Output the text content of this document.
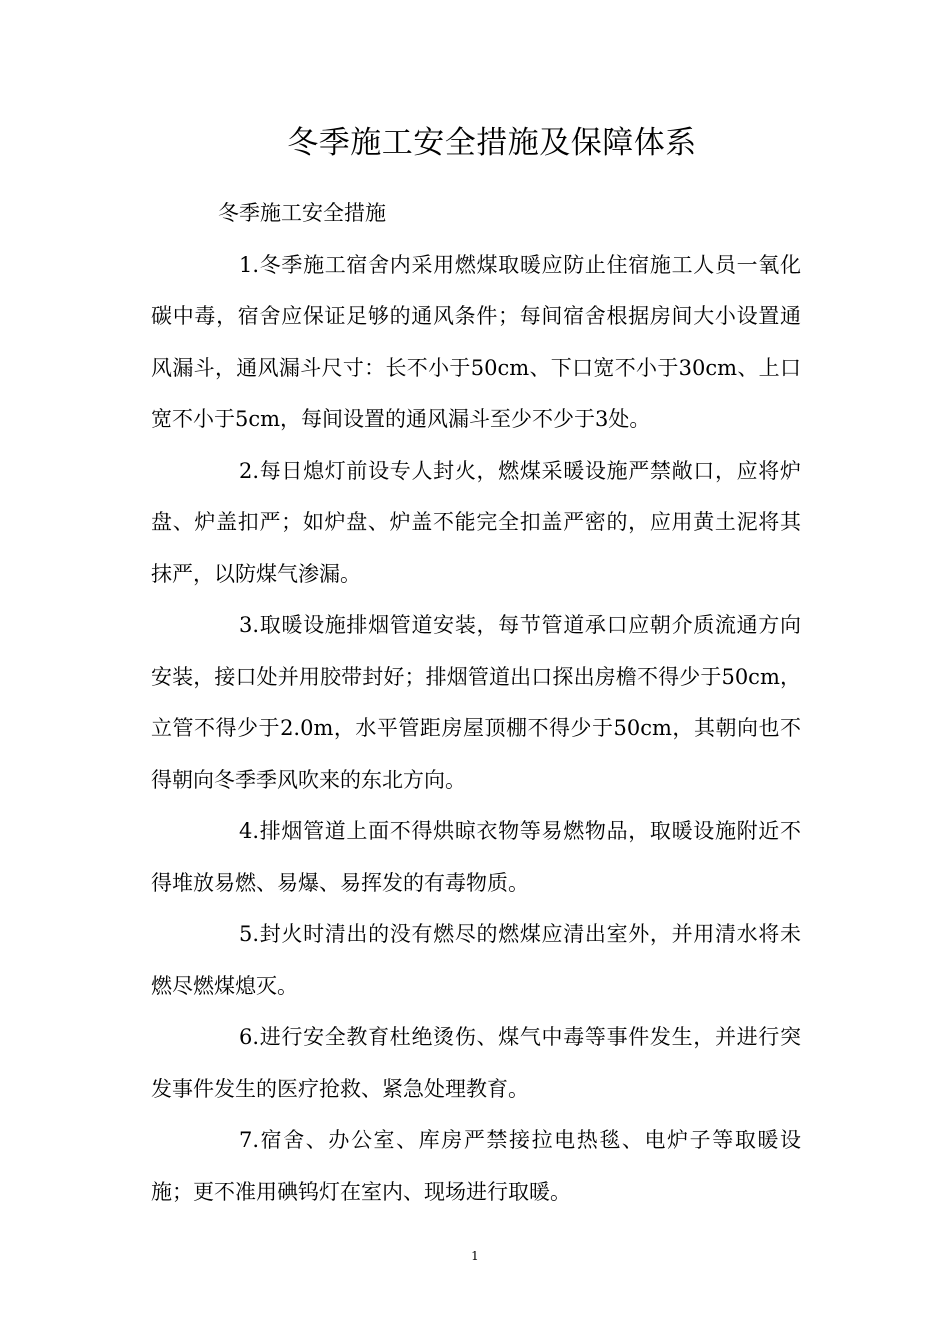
冬季施工安全措施及保障体系

冬季施工安全措施

1.冬季施工宿舍内采用燃煤取暖应防止住宿施工人员一氧化碳中毒，宿舍应保证足够的通风条件；每间宿舍根据房间大小设置通风漏斗，通风漏斗尺寸：长不小于50cm、下口宽不小于30cm、上口宽不小于5cm，每间设置的通风漏斗至少不少于3处。

2.每日熄灯前设专人封火，燃煤采暖设施严禁敞口，应将炉盘、炉盖扣严；如炉盘、炉盖不能完全扣盖严密的，应用黄土泥将其抹严，以防煤气渗漏。

3.取暖设施排烟管道安装，每节管道承口应朝介质流通方向安装，接口处并用胶带封好；排烟管道出口探出房檐不得少于50cm，立管不得少于2.0m，水平管距房屋顶棚不得少于50cm，其朝向也不得朝向冬季季风吹来的东北方向。

4.排烟管道上面不得烘晾衣物等易燃物品，取暖设施附近不得堆放易燃、易爆、易挥发的有毒物质。

5.封火时清出的没有燃尽的燃煤应清出室外，并用清水将未燃尽燃煤熄灭。

6.进行安全教育杜绝烫伤、煤气中毒等事件发生，并进行突发事件发生的医疗抢救、紧急处理教育。

7.宿舍、办公室、库房严禁接拉电热毯、电炉子等取暖设施；更不准用碘钨灯在室内、现场进行取暖。

1
